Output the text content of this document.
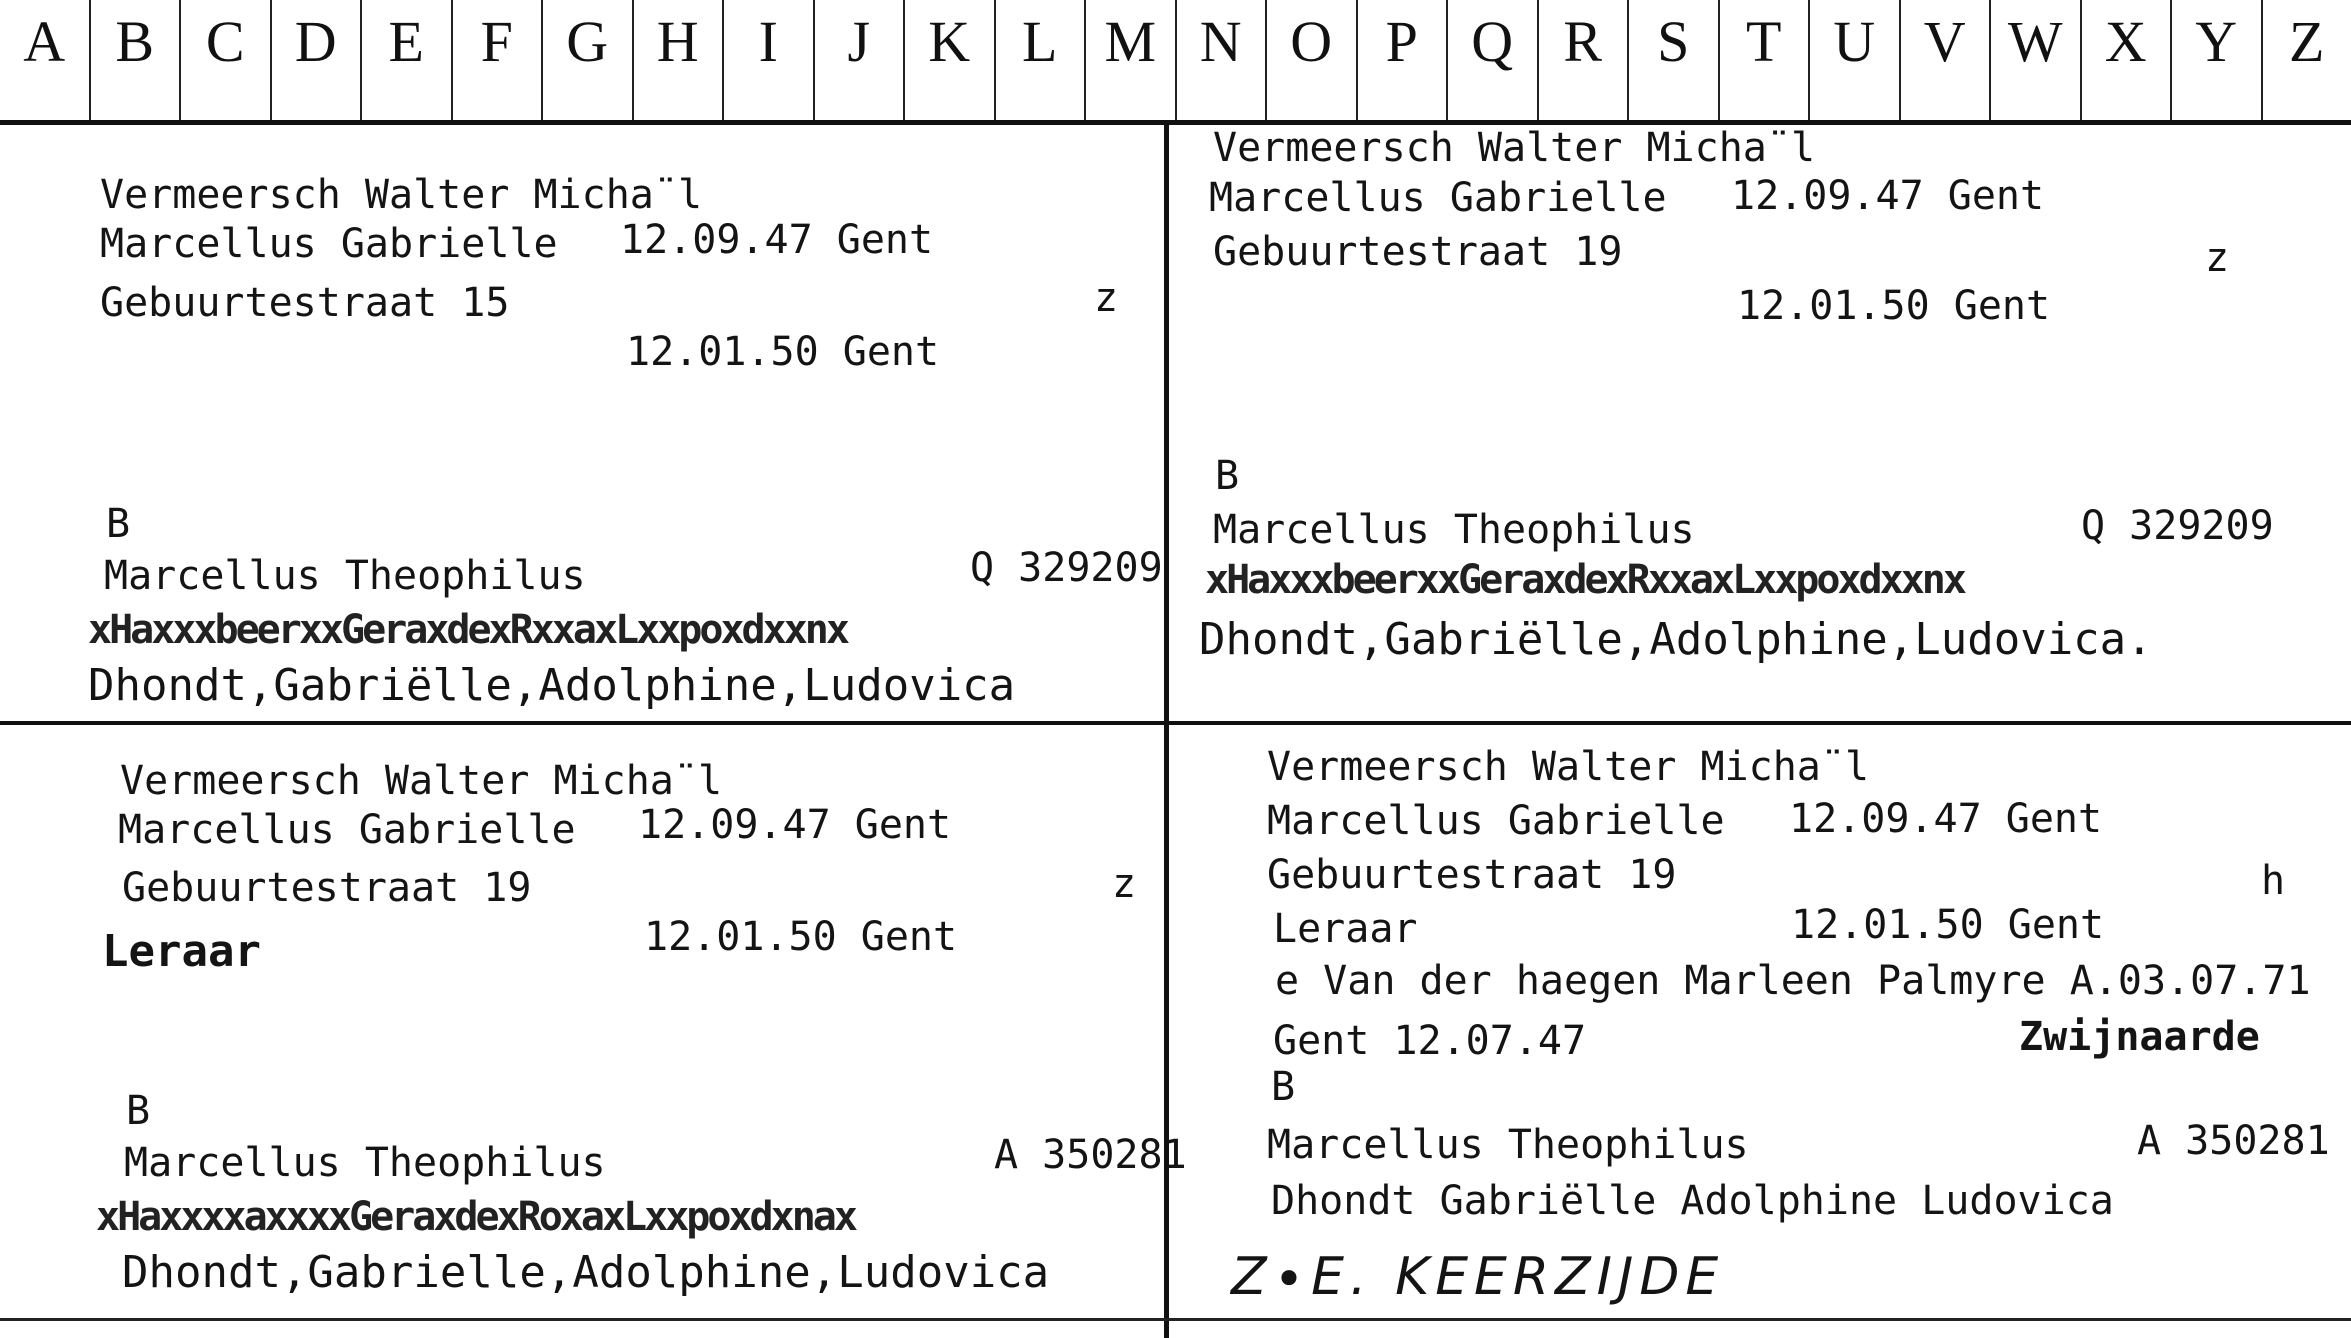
A B C D E F G H	I	J	K L M N O P Q R S T U V W X Y Z
Vermeersch Walter Micha¨l
Marcellus Gabrielle 12.09.47 Gent
Gebuurtestraat 15	z
12.01.50 Gent
B
Marcellus Theophilus	Q 329209
xHaxxxbeerxxGeraxdexRxxaxLxxpoxdxxnx
Dhondt,Gabriëlle,Adolphine,Ludovica
Vermeersch Walter Micha¨l
Marcellus Gabrielle 12.09.47 Gent
Gebuurtestraat 19	z
12.01.50 Gent
B
Marcellus Theophilus	Q 329209
xHaxxxbeerxxGeraxdexRxxaxLxxpoxdxxnx
Dhondt,Gabriëlle,Adolphine,Ludovica.
Vermeersch Walter Micha¨l
Marcellus Gabrielle 12.09.47 Gent
Gebuurtestraat 19	z
Leraar	12.01.50 Gent
B
Marcellus Theophilus	A 350281
xHaxxxxaxxxxGeraxdexRoxaxLxxpoxdxnax
Dhondt,Gabrielle,Adolphine,Ludovica
Vermeersch Walter Micha¨l
Marcellus Gabrielle 12.09.47 Gent
Gebuurtestraat 19	h
Leraar	12.01.50 Gent
e Van der haegen Marleen Palmyre A.03.07.71
Gent 12.07.47	Zwijnaarde
B
Marcellus Theophilus	A 350281
Dhondt Gabriëlle Adolphine Ludovica
Z∙E. KEERZIJDE
